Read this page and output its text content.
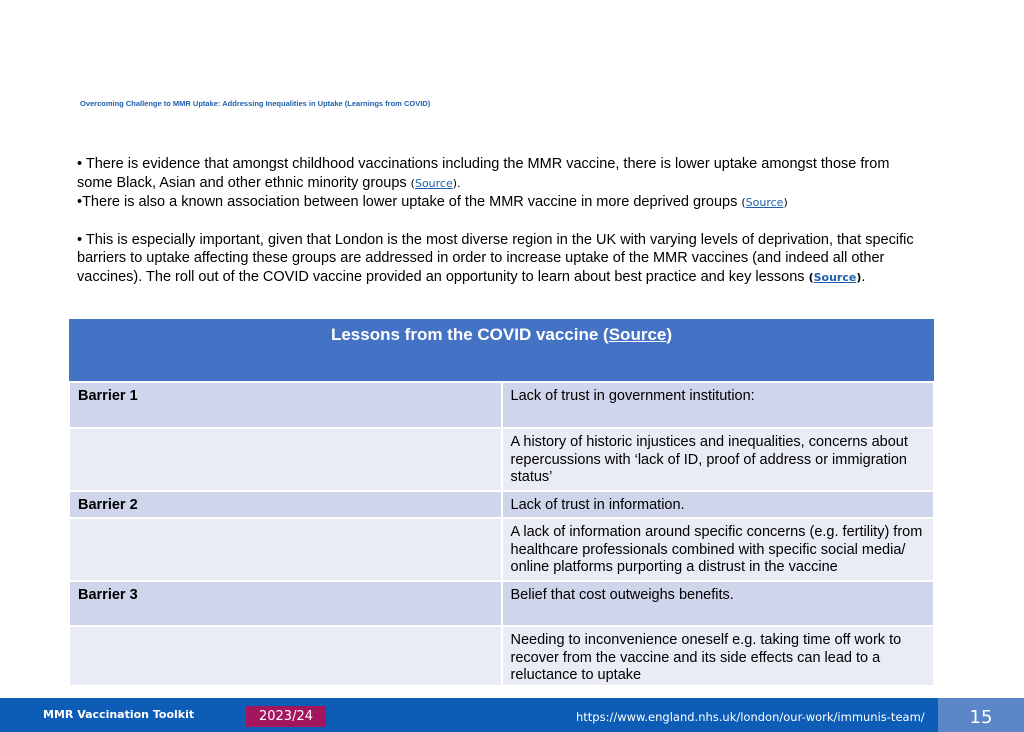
Overcoming Challenge to MMR Uptake: Addressing Inequalities in Uptake (Learnings from COVID)

• There is evidence that amongst childhood vaccinations including the MMR vaccine, there is lower uptake amongst those from some Black, Asian and other ethnic minority groups (Source).

•There is also a known association between lower uptake of the MMR vaccine in more deprived groups (Source)

• This is especially important, given that London is the most diverse region in the UK with varying levels of deprivation, that specific barriers to uptake affecting these groups are addressed in order to increase uptake of the MMR vaccines (and indeed all other vaccines). The roll out of the COVID vaccine provided an opportunity to learn about best practice and key lessons (Source).

Lessons from the COVID vaccine (Source)	
Barrier 1	Lack of trust in government institution:
	A history of historic injustices and inequalities, concerns about repercussions with ‘lack of ID, proof of address or immigration status’
Barrier 2	Lack of trust in information.
	A lack of information around specific concerns (e.g. fertility) from healthcare professionals combined with specific social media/ online platforms purporting a distrust in the vaccine
Barrier 3	Belief that cost outweighs benefits.
	Needing to inconvenience oneself e.g. taking time off work to recover from the vaccine and its side effects can lead to a reluctance to uptake
MMR Vaccination Toolkit	2023/24	https://www.england.nhs.uk/london/our-work/immunis-team/	15
